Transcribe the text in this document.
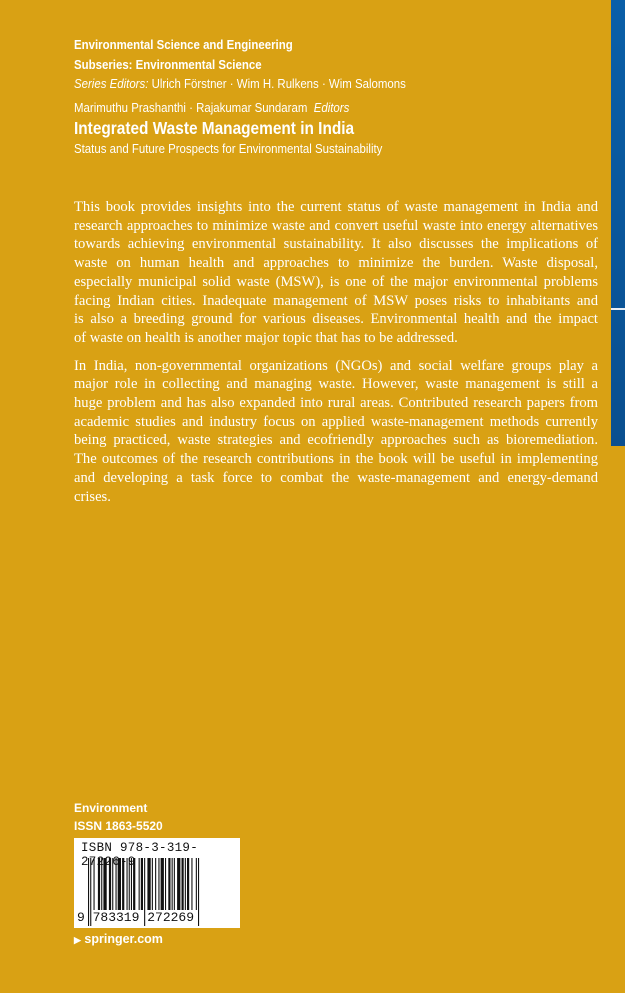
Environmental Science and Engineering
Subseries: Environmental Science
Series Editors: Ulrich Förstner · Wim H. Rulkens · Wim Salomons
Marimuthu Prashanthi · Rajakumar Sundaram Editors
Integrated Waste Management in India
Status and Future Prospects for Environmental Sustainability

This book provides insights into the current status of waste management in India and
research approaches to minimize waste and convert useful waste into energy alternatives
towards achieving environmental sustainability. It also discusses the implications of
waste on human health and approaches to minimize the burden. Waste disposal,
especially municipal solid waste (MSW), is one of the major environmental problems
facing Indian cities. Inadequate management of MSW poses risks to inhabitants and
is also a breeding ground for various diseases. Environmental health and the impact
of waste on health is another major topic that has to be addressed.

In India, non-governmental organizations (NGOs) and social welfare groups play a
major role in collecting and managing waste. However, waste management is still a
huge problem and has also expanded into rural areas. Contributed research papers from
academic studies and industry focus on applied waste-management methods currently
being practiced, waste strategies and ecofriendly approaches such as bioremediation.
The outcomes of the research contributions in the book will be useful in implementing
and developing a task force to combat the waste-management and energy-demand
crises.

Environment
ISSN 1863-5520
ISBN 978-3-319-27226-9
9 783319 272269
▶ springer.com
